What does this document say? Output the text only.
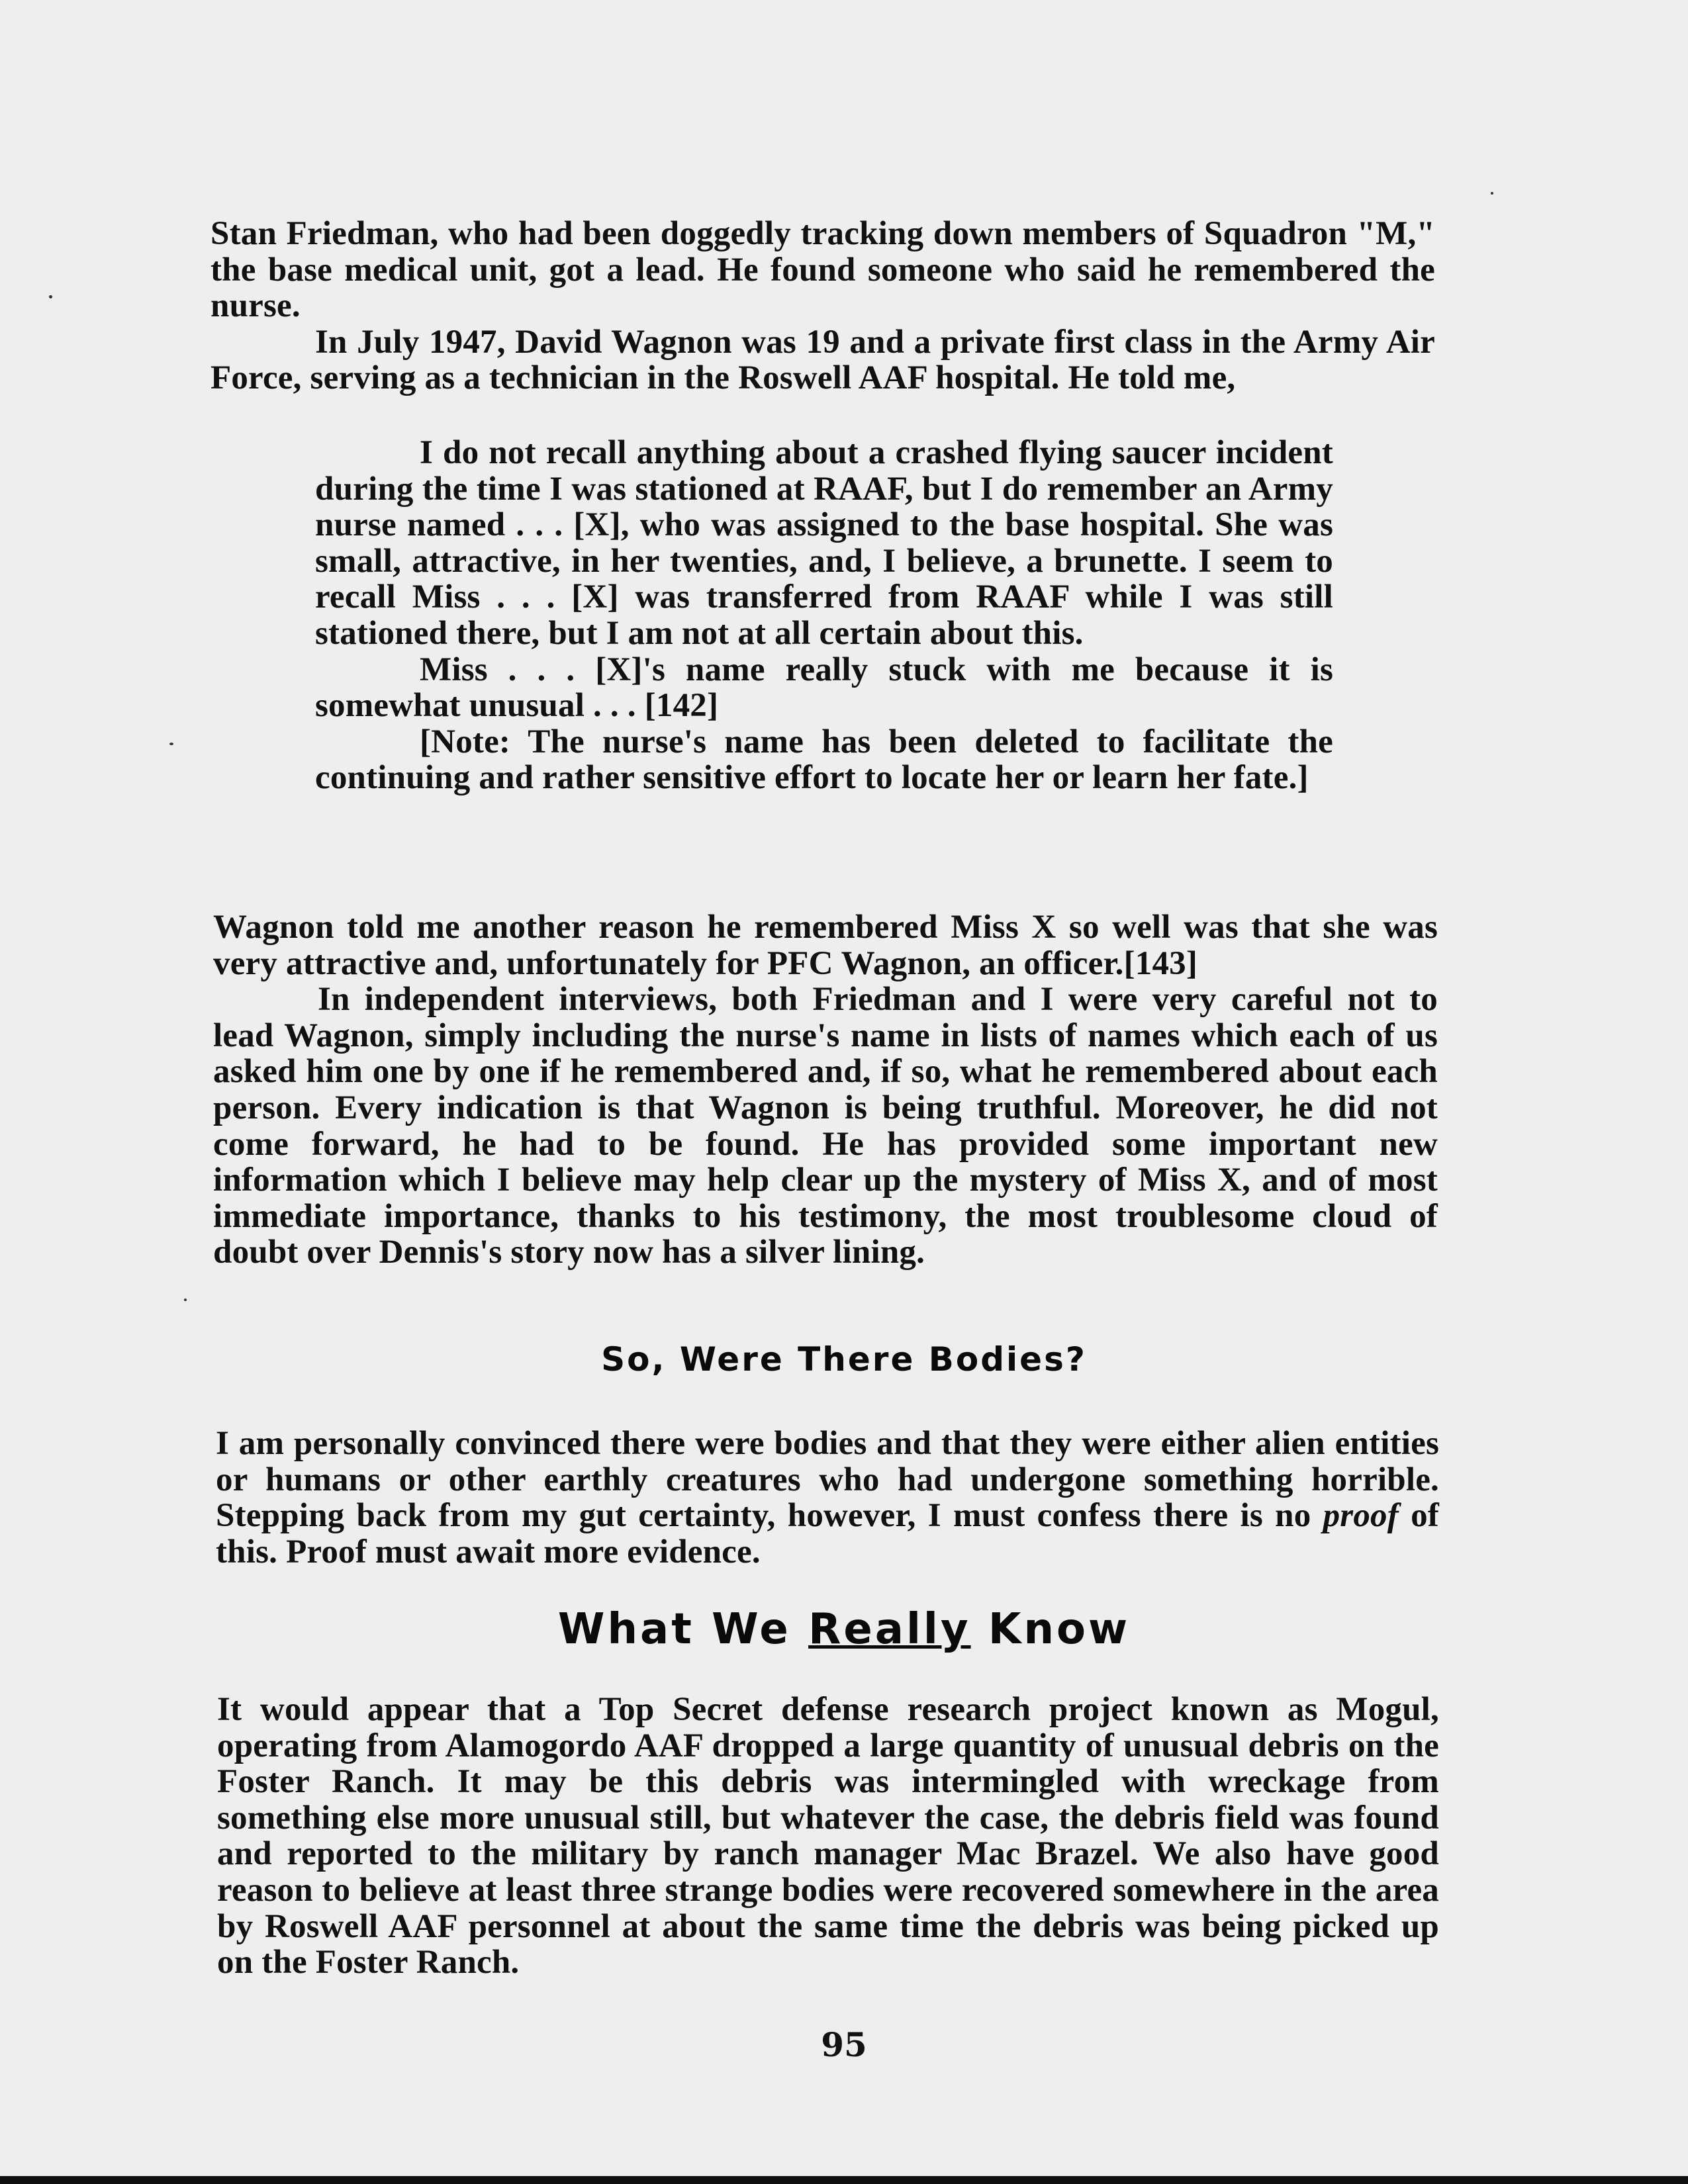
Stan Friedman, who had been doggedly tracking down members of Squadron "M," the base medical unit, got a lead. He found someone who said he remembered the nurse.

In July 1947, David Wagnon was 19 and a private first class in the Army Air Force, serving as a technician in the Roswell AAF hospital. He told me,

I do not recall anything about a crashed flying saucer incident during the time I was stationed at RAAF, but I do remember an Army nurse named . . . [X], who was assigned to the base hospital. She was small, attractive, in her twenties, and, I believe, a brunette. I seem to recall Miss . . . [X] was transferred from RAAF while I was still stationed there, but I am not at all certain about this.

Miss . . . [X]'s name really stuck with me because it is somewhat unusual . . . [142]

[Note: The nurse's name has been deleted to facilitate the continuing and rather sensitive effort to locate her or learn her fate.]

Wagnon told me another reason he remembered Miss X so well was that she was very attractive and, unfortunately for PFC Wagnon, an officer.[143]

In independent interviews, both Friedman and I were very careful not to lead Wagnon, simply including the nurse's name in lists of names which each of us asked him one by one if he remembered and, if so, what he remembered about each person. Every indication is that Wagnon is being truthful. Moreover, he did not come forward, he had to be found. He has provided some important new information which I believe may help clear up the mystery of Miss X, and of most immediate importance, thanks to his testimony, the most troublesome cloud of doubt over Dennis's story now has a silver lining.

So, Were There Bodies?

I am personally convinced there were bodies and that they were either alien entities or humans or other earthly creatures who had undergone something horrible. Stepping back from my gut certainty, however, I must confess there is no proof of this. Proof must await more evidence.

What We Really Know

It would appear that a Top Secret defense research project known as Mogul, operating from Alamogordo AAF dropped a large quantity of unusual debris on the Foster Ranch. It may be this debris was intermingled with wreckage from something else more unusual still, but whatever the case, the debris field was found and reported to the military by ranch manager Mac Brazel. We also have good reason to believe at least three strange bodies were recovered somewhere in the area by Roswell AAF personnel at about the same time the debris was being picked up on the Foster Ranch.

95
